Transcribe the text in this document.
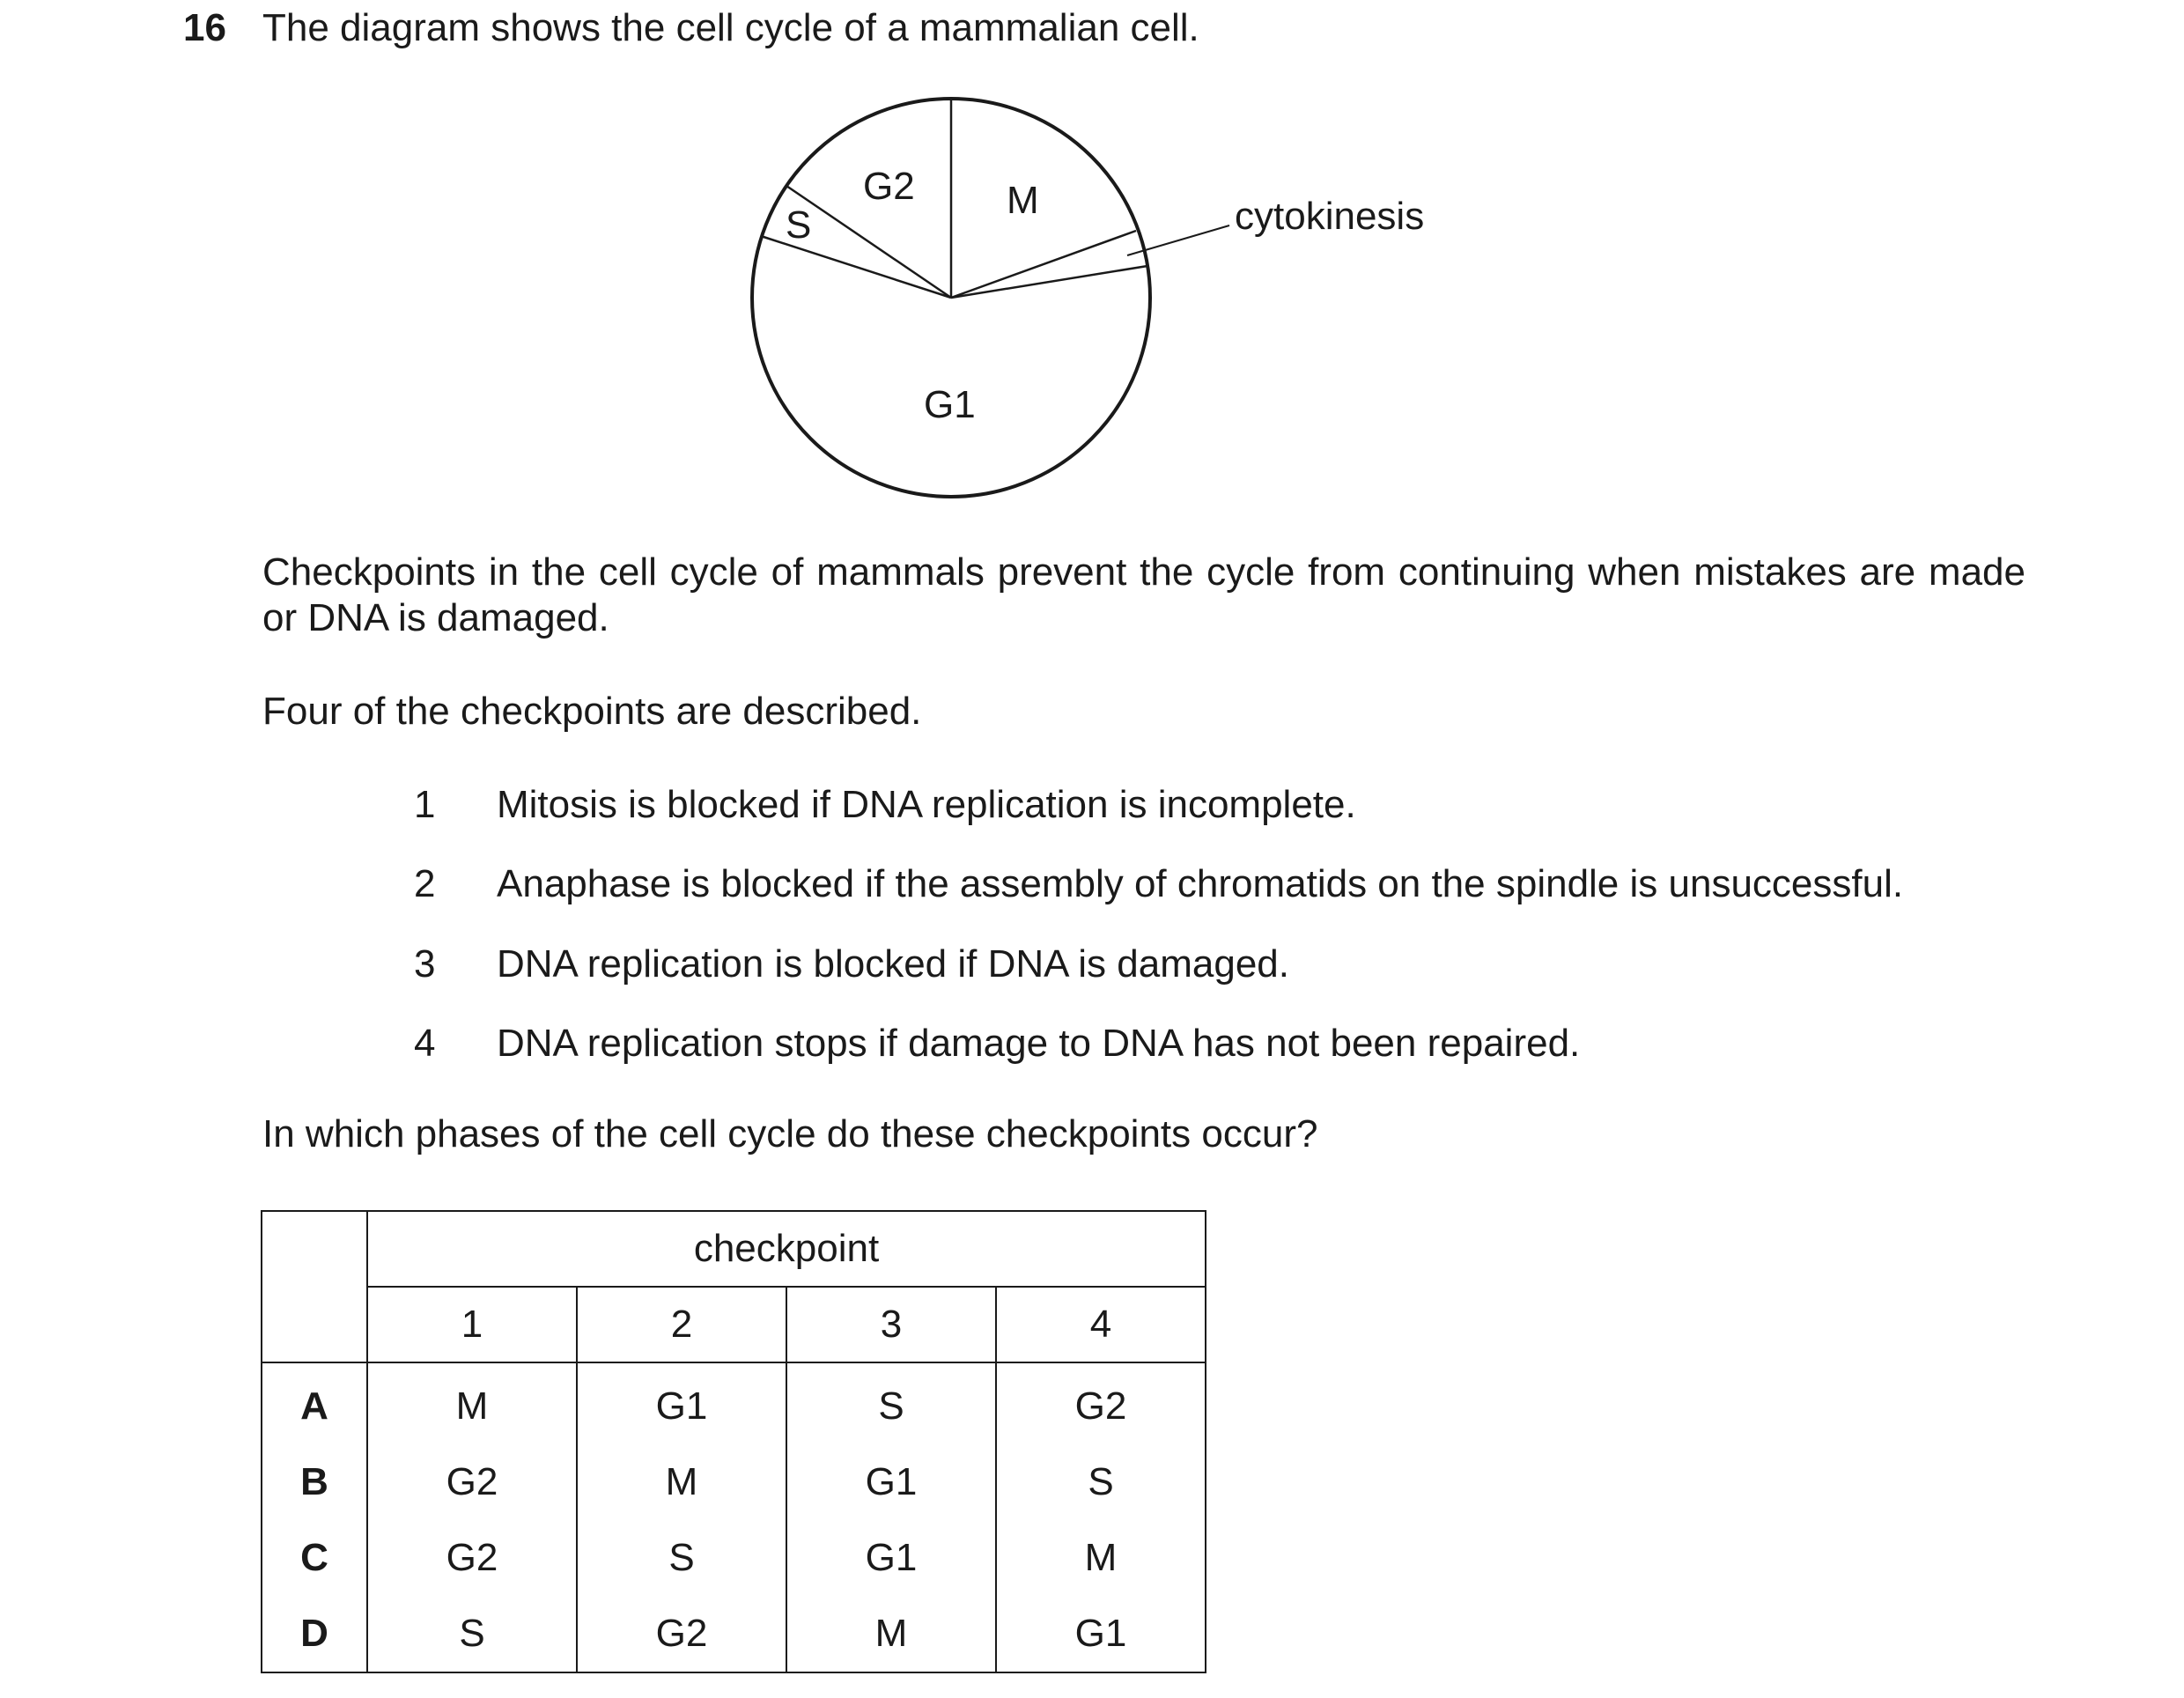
16 The diagram shows the cell cycle of a mammalian cell.
S
G2 M
G1
cytokinesis
Checkpoints in the cell cycle of mammals prevent the cycle from continuing when mistakes are made or DNA is damaged.
Four of the checkpoints are described.
1 Mitosis is blocked if DNA replication is incomplete.
2 Anaphase is blocked if the assembly of chromatids on the spindle is unsuccessful.
3 DNA replication is blocked if DNA is damaged.
4 DNA replication stops if damage to DNA has not been repaired.
In which phases of the cell cycle do these checkpoints occur?
	checkpoint			
	1	2	3	4
A	M	G1	S	G2
B	G2	M	G1	S
C	G2	S	G1	M
D	S	G2	M	G1
